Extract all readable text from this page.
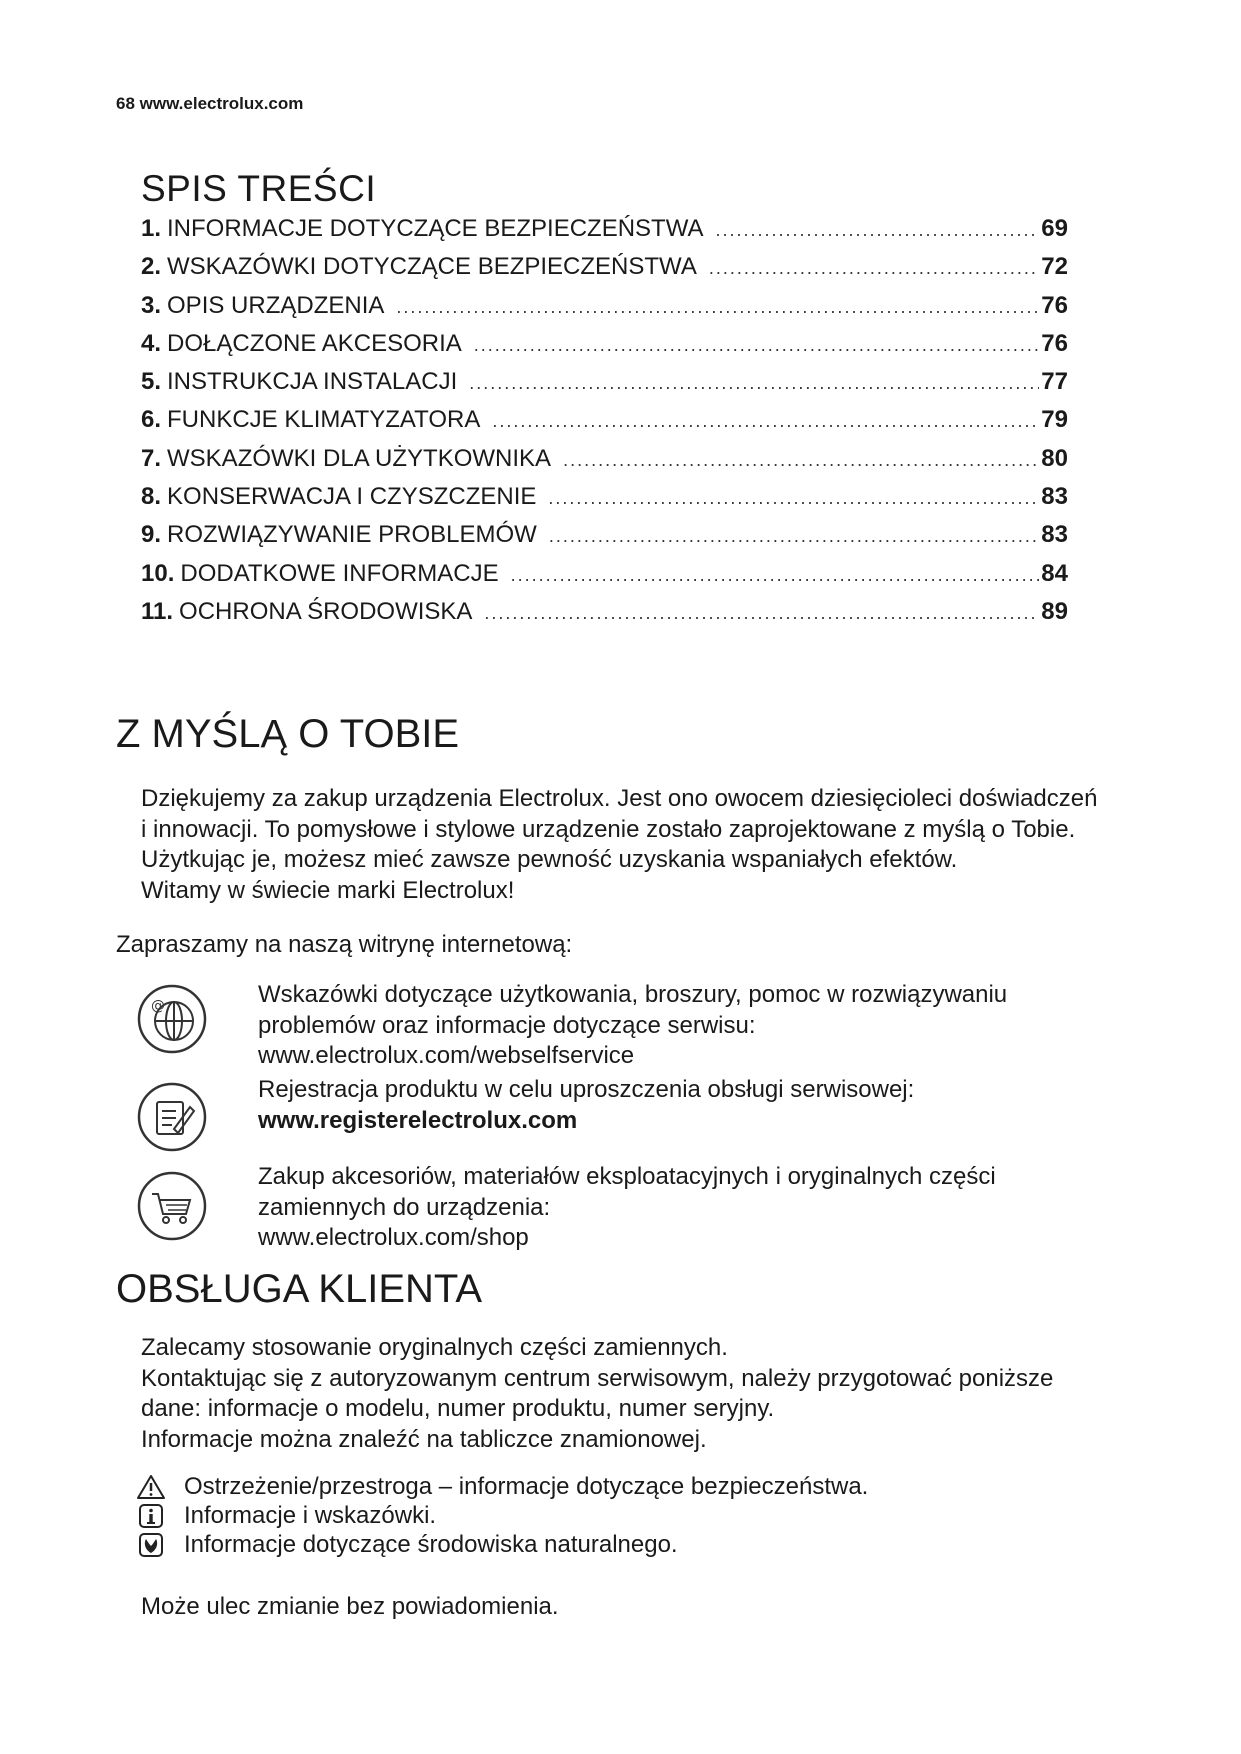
68 www.electrolux.com
SPIS TREŚCI
1. INFORMACJE DOTYCZĄCE BEZPIECZEŃSTWA .....	69
2. WSKAZÓWKI DOTYCZĄCE BEZPIECZEŃSTWA .....	72
3. OPIS URZĄDZENIA .....	76
4. DOŁĄCZONE AKCESORIA .....	76
5. INSTRUKCJA INSTALACJI .....	77
6. FUNKCJE KLIMATYZATORA .....	79
7. WSKAZÓWKI DLA UŻYTKOWNIKA .....	80
8. KONSERWACJA I CZYSZCZENIE .....	83
9. ROZWIĄZYWANIE PROBLEMÓW .....	83
10. DODATKOWE INFORMACJE .....	84
11. OCHRONA ŚRODOWISKA .....	89
Z MYŚLĄ O TOBIE

Dziękujemy za zakup urządzenia Electrolux. Jest ono owocem dziesięcioleci doświadczeń

i innowacji. To pomysłowe i stylowe urządzenie zostało zaprojektowane z myślą o Tobie.

Użytkując je, możesz mieć zawsze pewność uzyskania wspaniałych efektów.

Witamy w świecie marki Electrolux!

Zapraszamy na naszą witrynę internetową:

@	Wskazówki dotyczące użytkowania, broszury, pomoc w rozwiązywaniu

problemów oraz informacje dotyczące serwisu:

www.electrolux.com/webselfservice

Rejestracja produktu w celu uproszczenia obsługi serwisowej:

www.registerelectrolux.com

Zakup akcesoriów, materiałów eksploatacyjnych i oryginalnych części

zamiennych do urządzenia:

www.electrolux.com/shop

OBSŁUGA KLIENTA

Zalecamy stosowanie oryginalnych części zamiennych.

Kontaktując się z autoryzowanym centrum serwisowym, należy przygotować poniższe

dane: informacje o modelu, numer produktu, numer seryjny.

Informacje można znaleźć na tabliczce znamionowej.

Ostrzeżenie/przestroga – informacje dotyczące bezpieczeństwa.
Informacje i wskazówki.
Informacje dotyczące środowiska naturalnego.

Może ulec zmianie bez powiadomienia.
